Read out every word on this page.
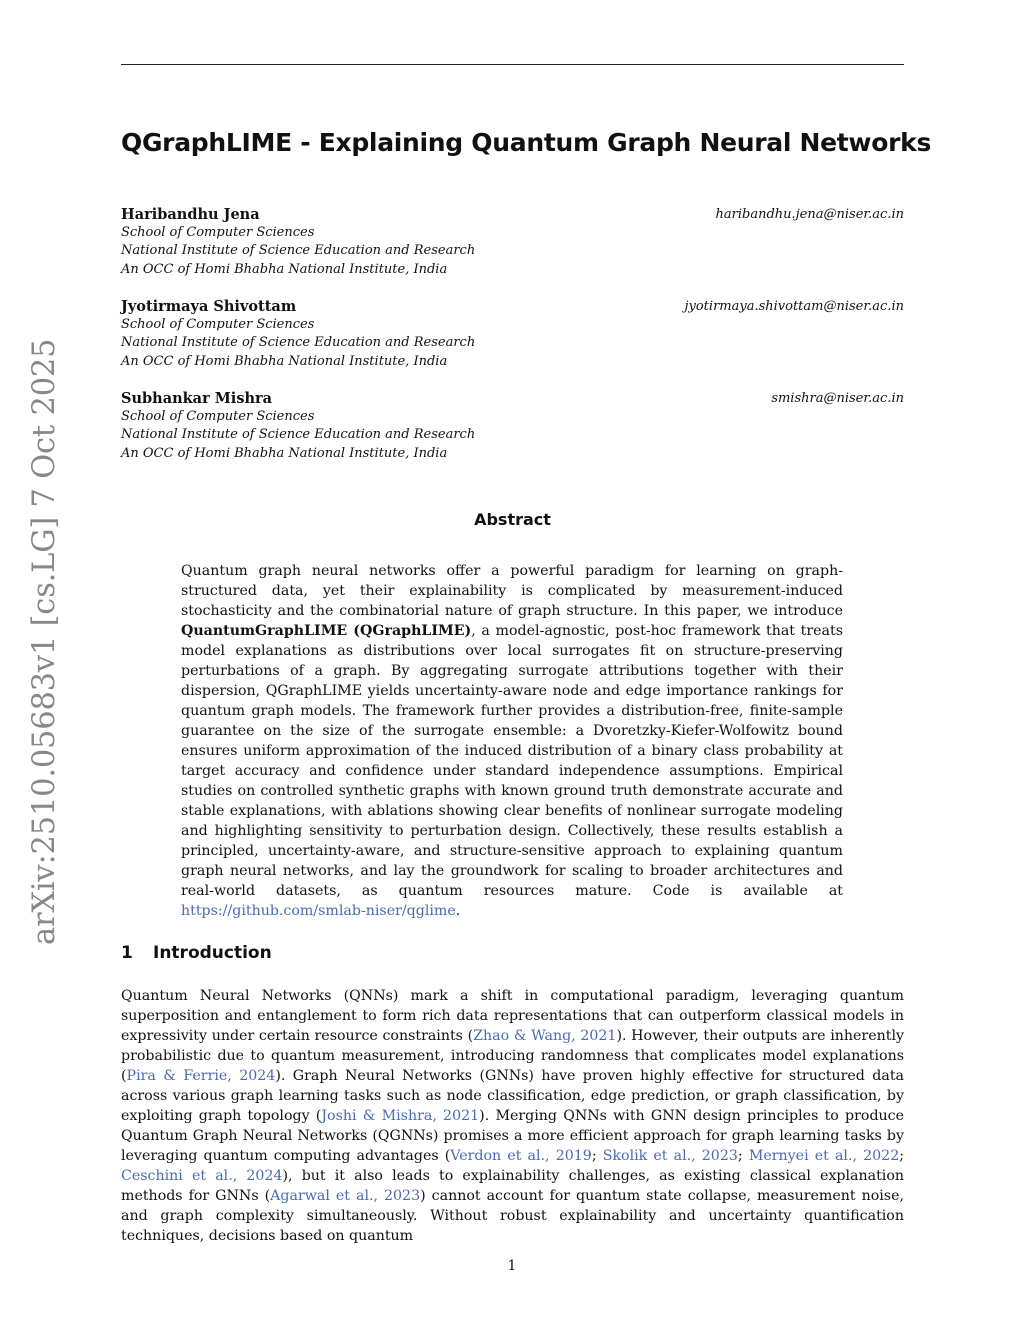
arXiv:2510.05683v1 [cs.LG] 7 Oct 2025
QGraphLIME - Explaining Quantum Graph Neural Networks
Haribandhu Jena	haribandhu.jena@niser.ac.in
School of Computer Sciences
National Institute of Science Education and Research
An OCC of Homi Bhabha National Institute, India
Jyotirmaya Shivottam	jyotirmaya.shivottam@niser.ac.in
School of Computer Sciences
National Institute of Science Education and Research
An OCC of Homi Bhabha National Institute, India
Subhankar Mishra	smishra@niser.ac.in
School of Computer Sciences
National Institute of Science Education and Research
An OCC of Homi Bhabha National Institute, India
Abstract
Quantum graph neural networks offer a powerful paradigm for learning on graph-structured data, yet their explainability is complicated by measurement-induced stochasticity and the combinatorial nature of graph structure. In this paper, we introduce QuantumGraphLIME (QGraphLIME), a model-agnostic, post-hoc framework that treats model explanations as distributions over local surrogates fit on structure-preserving perturbations of a graph. By aggregating surrogate attributions together with their dispersion, QGraphLIME yields uncertainty-aware node and edge importance rankings for quantum graph models. The framework further provides a distribution-free, finite-sample guarantee on the size of the surrogate ensemble: a Dvoretzky-Kiefer-Wolfowitz bound ensures uniform approximation of the induced distribution of a binary class probability at target accuracy and confidence under standard independence assumptions. Empirical studies on controlled synthetic graphs with known ground truth demonstrate accurate and stable explanations, with ablations showing clear benefits of nonlinear surrogate modeling and highlighting sensitivity to perturbation design. Collectively, these results establish a principled, uncertainty-aware, and structure-sensitive approach to explaining quantum graph neural networks, and lay the groundwork for scaling to broader architectures and real-world datasets, as quantum resources mature. Code is available at https://github.com/smlab-niser/qglime.
1 Introduction
Quantum Neural Networks (QNNs) mark a shift in computational paradigm, leveraging quantum superposition and entanglement to form rich data representations that can outperform classical models in expressivity under certain resource constraints (Zhao & Wang, 2021). However, their outputs are inherently probabilistic due to quantum measurement, introducing randomness that complicates model explanations (Pira & Ferrie, 2024). Graph Neural Networks (GNNs) have proven highly effective for structured data across various graph learning tasks such as node classification, edge prediction, or graph classification, by exploiting graph topology (Joshi & Mishra, 2021). Merging QNNs with GNN design principles to produce Quantum Graph Neural Networks (QGNNs) promises a more efficient approach for graph learning tasks by leveraging quantum computing advantages (Verdon et al., 2019; Skolik et al., 2023; Mernyei et al., 2022; Ceschini et al., 2024), but it also leads to explainability challenges, as existing classical explanation methods for GNNs (Agarwal et al., 2023) cannot account for quantum state collapse, measurement noise, and graph complexity simultaneously. Without robust explainability and uncertainty quantification techniques, decisions based on quantum
1
